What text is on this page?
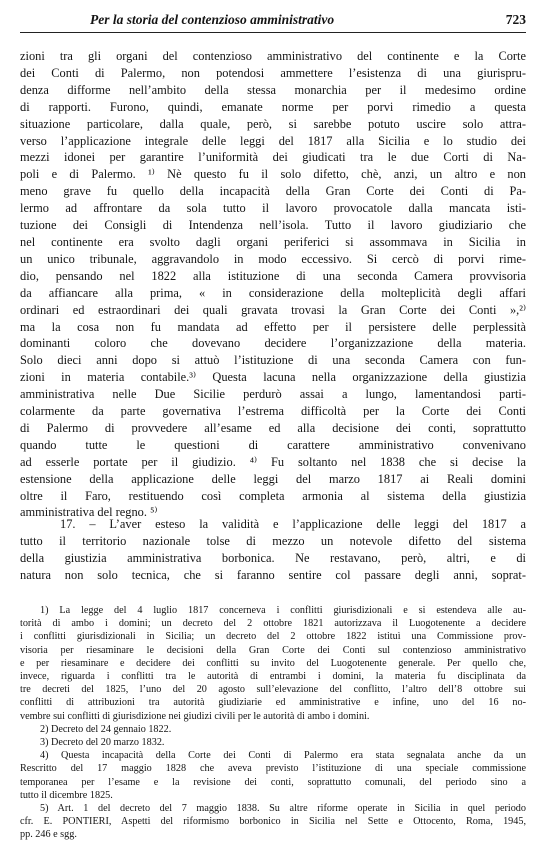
Per la storia del contenzioso amministrativo	723
zioni tra gli organi del contenzioso amministrativo del continente e la Corte
dei Conti di Palermo, non potendosi ammettere l’esistenza di una giurispru-
denza difforme nell’ambito della stessa monarchia per il medesimo ordine
di rapporti. Furono, quindi, emanate norme per porvi rimedio a questa
situazione particolare, dalla quale, però, si sarebbe potuto uscire solo attra-
verso l’applicazione integrale delle leggi del 1817 alla Sicilia e lo studio dei
mezzi idonei per garantire l’uniformità dei giudicati tra le due Corti di Na-
poli e di Palermo. ¹⁾ Nè questo fu il solo difetto, chè, anzi, un altro e non
meno grave fu quello della incapacità della Gran Corte dei Conti di Pa-
lermo ad affrontare da sola tutto il lavoro provocatole dalla mancata isti-
tuzione dei Consigli di Intendenza nell’isola. Tutto il lavoro giudiziario che
nel continente era svolto dagli organi periferici si assommava in Sicilia in
un unico tribunale, aggravandolo in modo eccessivo. Si cercò di porvi rime-
dio, pensando nel 1822 alla istituzione di una seconda Camera provvisoria
da affiancare alla prima, « in considerazione della molteplicità degli affari
ordinari ed estraordinari dei quali gravata trovasi la Gran Corte dei Conti »,²⁾
ma la cosa non fu mandata ad effetto per il persistere delle perplessità
dominanti coloro che dovevano decidere l’organizzazione della materia.
Solo dieci anni dopo si attuò l’istituzione di una seconda Camera con fun-
zioni in materia contabile.³⁾ Questa lacuna nella organizzazione della giustizia
amministrativa nelle Due Sicilie perdurò assai a lungo, lamentandosi parti-
colarmente da parte governativa l’estrema difficoltà per la Corte dei Conti
di Palermo di provvedere all’esame ed alla decisione dei conti, soprattutto
quando tutte le questioni di carattere amministrativo convenivano
ad esserle portate per il giudizio. ⁴⁾ Fu soltanto nel 1838 che si decise la
estensione della applicazione delle leggi del marzo 1817 ai Reali domini
oltre il Faro, restituendo così completa armonia al sistema della giustizia
amministrativa del regno. ⁵⁾
17. – L’aver esteso la validità e l’applicazione delle leggi del 1817 a
tutto il territorio nazionale tolse di mezzo un notevole difetto del sistema
della giustizia amministrativa borbonica. Ne restavano, però, altri, e di
natura non solo tecnica, che si faranno sentire col passare degli anni, soprat-
1) La legge del 4 luglio 1817 concerneva i conflitti giurisdizionali e si estendeva alle au-
torità di ambo i domini; un decreto del 2 ottobre 1821 autorizzava il Luogotenente a decidere
i conflitti giurisdizionali in Sicilia; un decreto del 2 ottobre 1822 istituì una Commissione prov-
visoria per riesaminare le decisioni della Gran Corte dei Conti sul contenzioso amministrativo
e per riesaminare e decidere dei conflitti su invito del Luogotenente generale. Per quello che,
invece, riguarda i conflitti tra le autorità di entrambi i domini, la materia fu disciplinata da
tre decreti del 1825, l’uno del 20 agosto sull’elevazione del conflitto, l’altro dell’8 ottobre sui
conflitti di attribuzioni tra autorità giudiziarie ed amministrative e infine, uno del 16 no-
vembre sui conflitti di giurisdizione nei giudizi civili per le autorità di ambo i domini.
2) Decreto del 24 gennaio 1822.
3) Decreto del 20 marzo 1832.
4) Questa incapacità della Corte dei Conti di Palermo era stata segnalata anche da un
Rescritto del 17 maggio 1828 che aveva previsto l’istituzione di una speciale commissione
temporanea per l’esame e la revisione dei conti, soprattutto comunali, del periodo sino a
tutto il dicembre 1825.
5) Art. 1 del decreto del 7 maggio 1838. Su altre riforme operate in Sicilia in quel periodo
cfr. E. PONTIERI, Aspetti del riformismo borbonico in Sicilia nel Sette e Ottocento, Roma, 1945,
pp. 246 e sgg.
